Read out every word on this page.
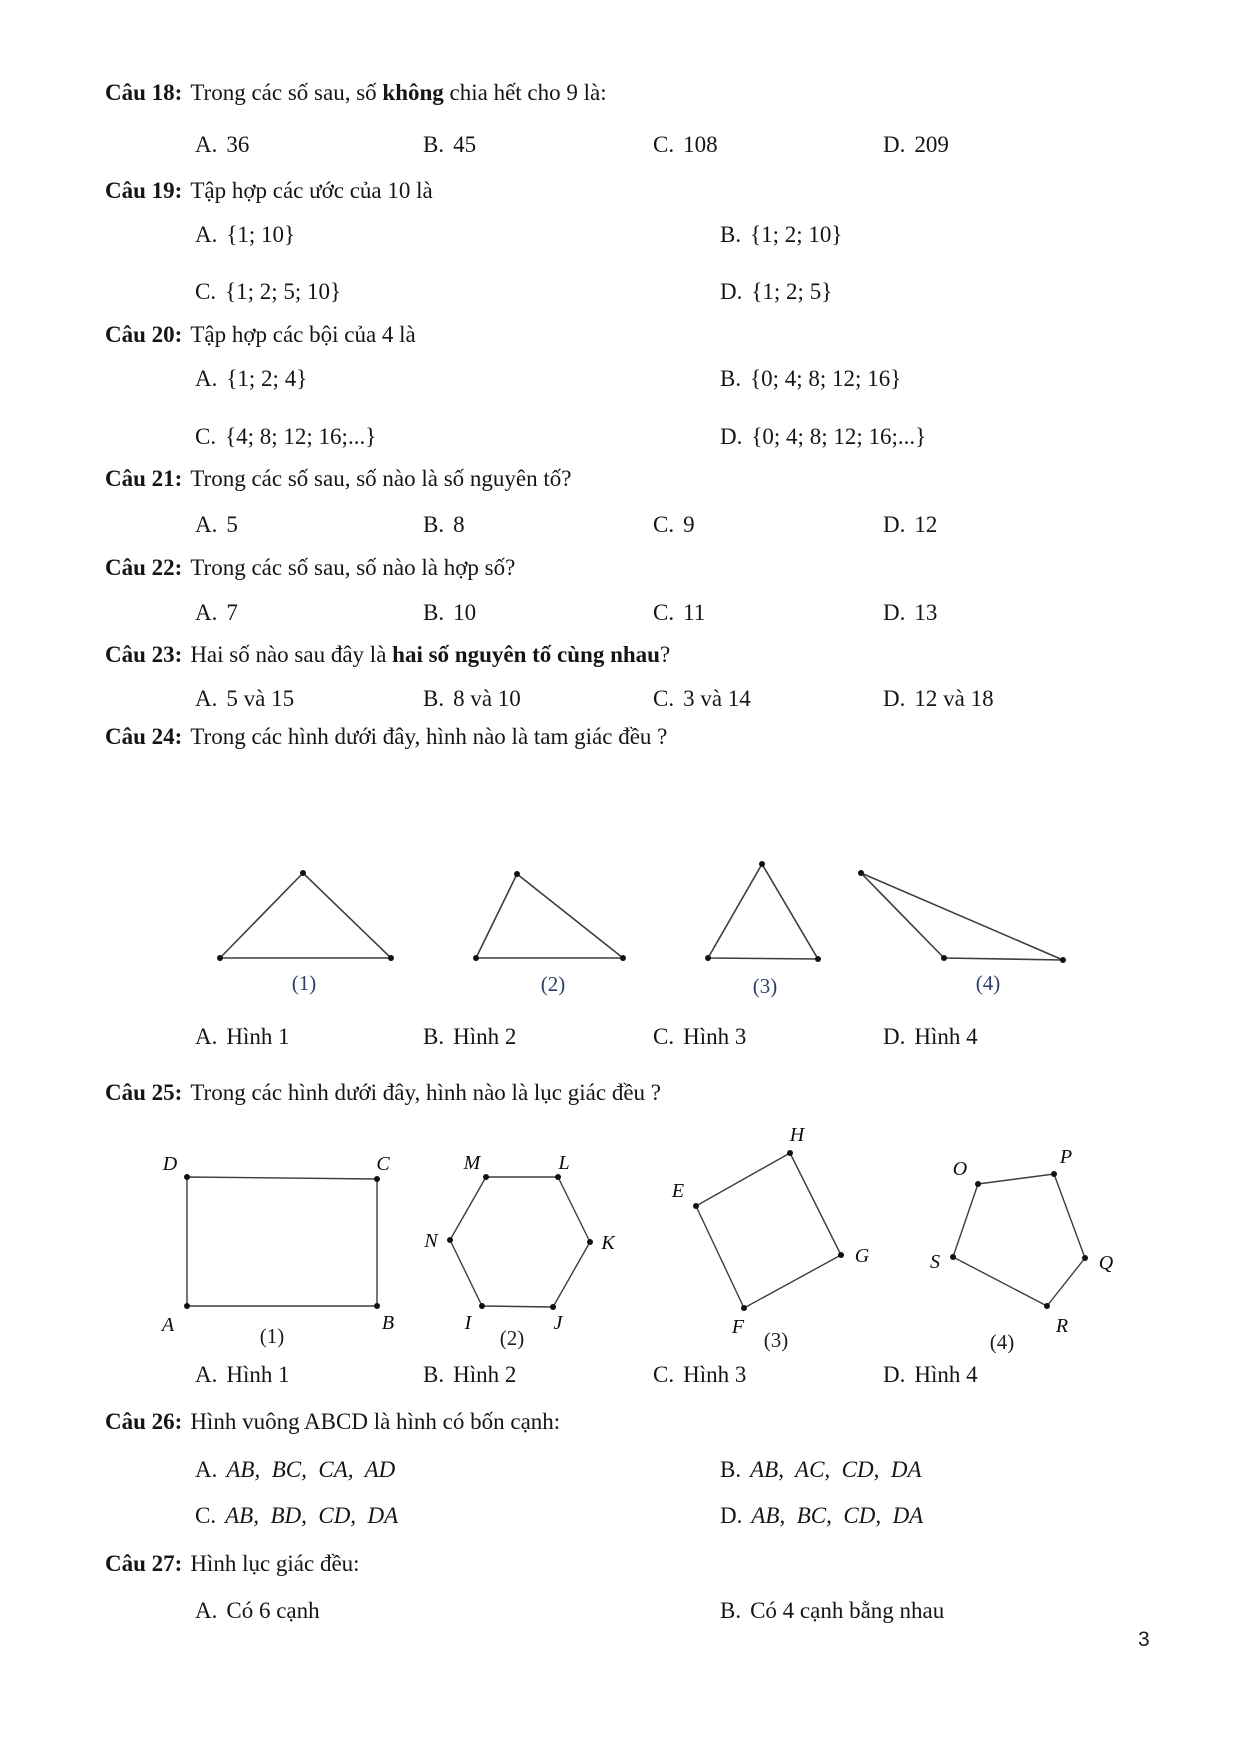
Câu 18: Trong các số sau, số không chia hết cho 9 là:
A. 36	B. 45	C. 108	D. 209
Câu 19: Tập hợp các ước của 10 là
A. {1; 10}	B. {1; 2; 10}
C. {1; 2; 5; 10}	D. {1; 2; 5}
Câu 20: Tập hợp các bội của 4 là
A. {1; 2; 4}	B. {0; 4; 8; 12; 16}
C. {4; 8; 12; 16;...}	D. {0; 4; 8; 12; 16;...}
Câu 21: Trong các số sau, số nào là số nguyên tố?
A. 5	B. 8	C. 9	D. 12
Câu 22: Trong các số sau, số nào là hợp số?
A. 7	B. 10	C. 11	D. 13
Câu 23: Hai số nào sau đây là hai số nguyên tố cùng nhau?
A. 5 và 15	B. 8 và 10	C. 3 và 14	D. 12 và 18
Câu 24: Trong các hình dưới đây, hình nào là tam giác đều ?
(1)	(2)	(3)	(4)
A. Hình 1	B. Hình 2	C. Hình 3	D. Hình 4
Câu 25: Trong các hình dưới đây, hình nào là lục giác đều ?
D	C
A	B
(1)
M	L
N	K
I	J
(2)
E
H
G
F
(3)
O
P
S	Q
R
(4)
A. Hình 1	B. Hình 2	C. Hình 3	D. Hình 4
Câu 26: Hình vuông ABCD là hình có bốn cạnh:
A. AB,  BC,  CA,  AD	B. AB,  AC,  CD,  DA
C. AB,  BD,  CD,  DA	D. AB,  BC,  CD,  DA
Câu 27: Hình lục giác đều:
A. Có 6 cạnh	B. Có 4 cạnh bằng nhau
3
